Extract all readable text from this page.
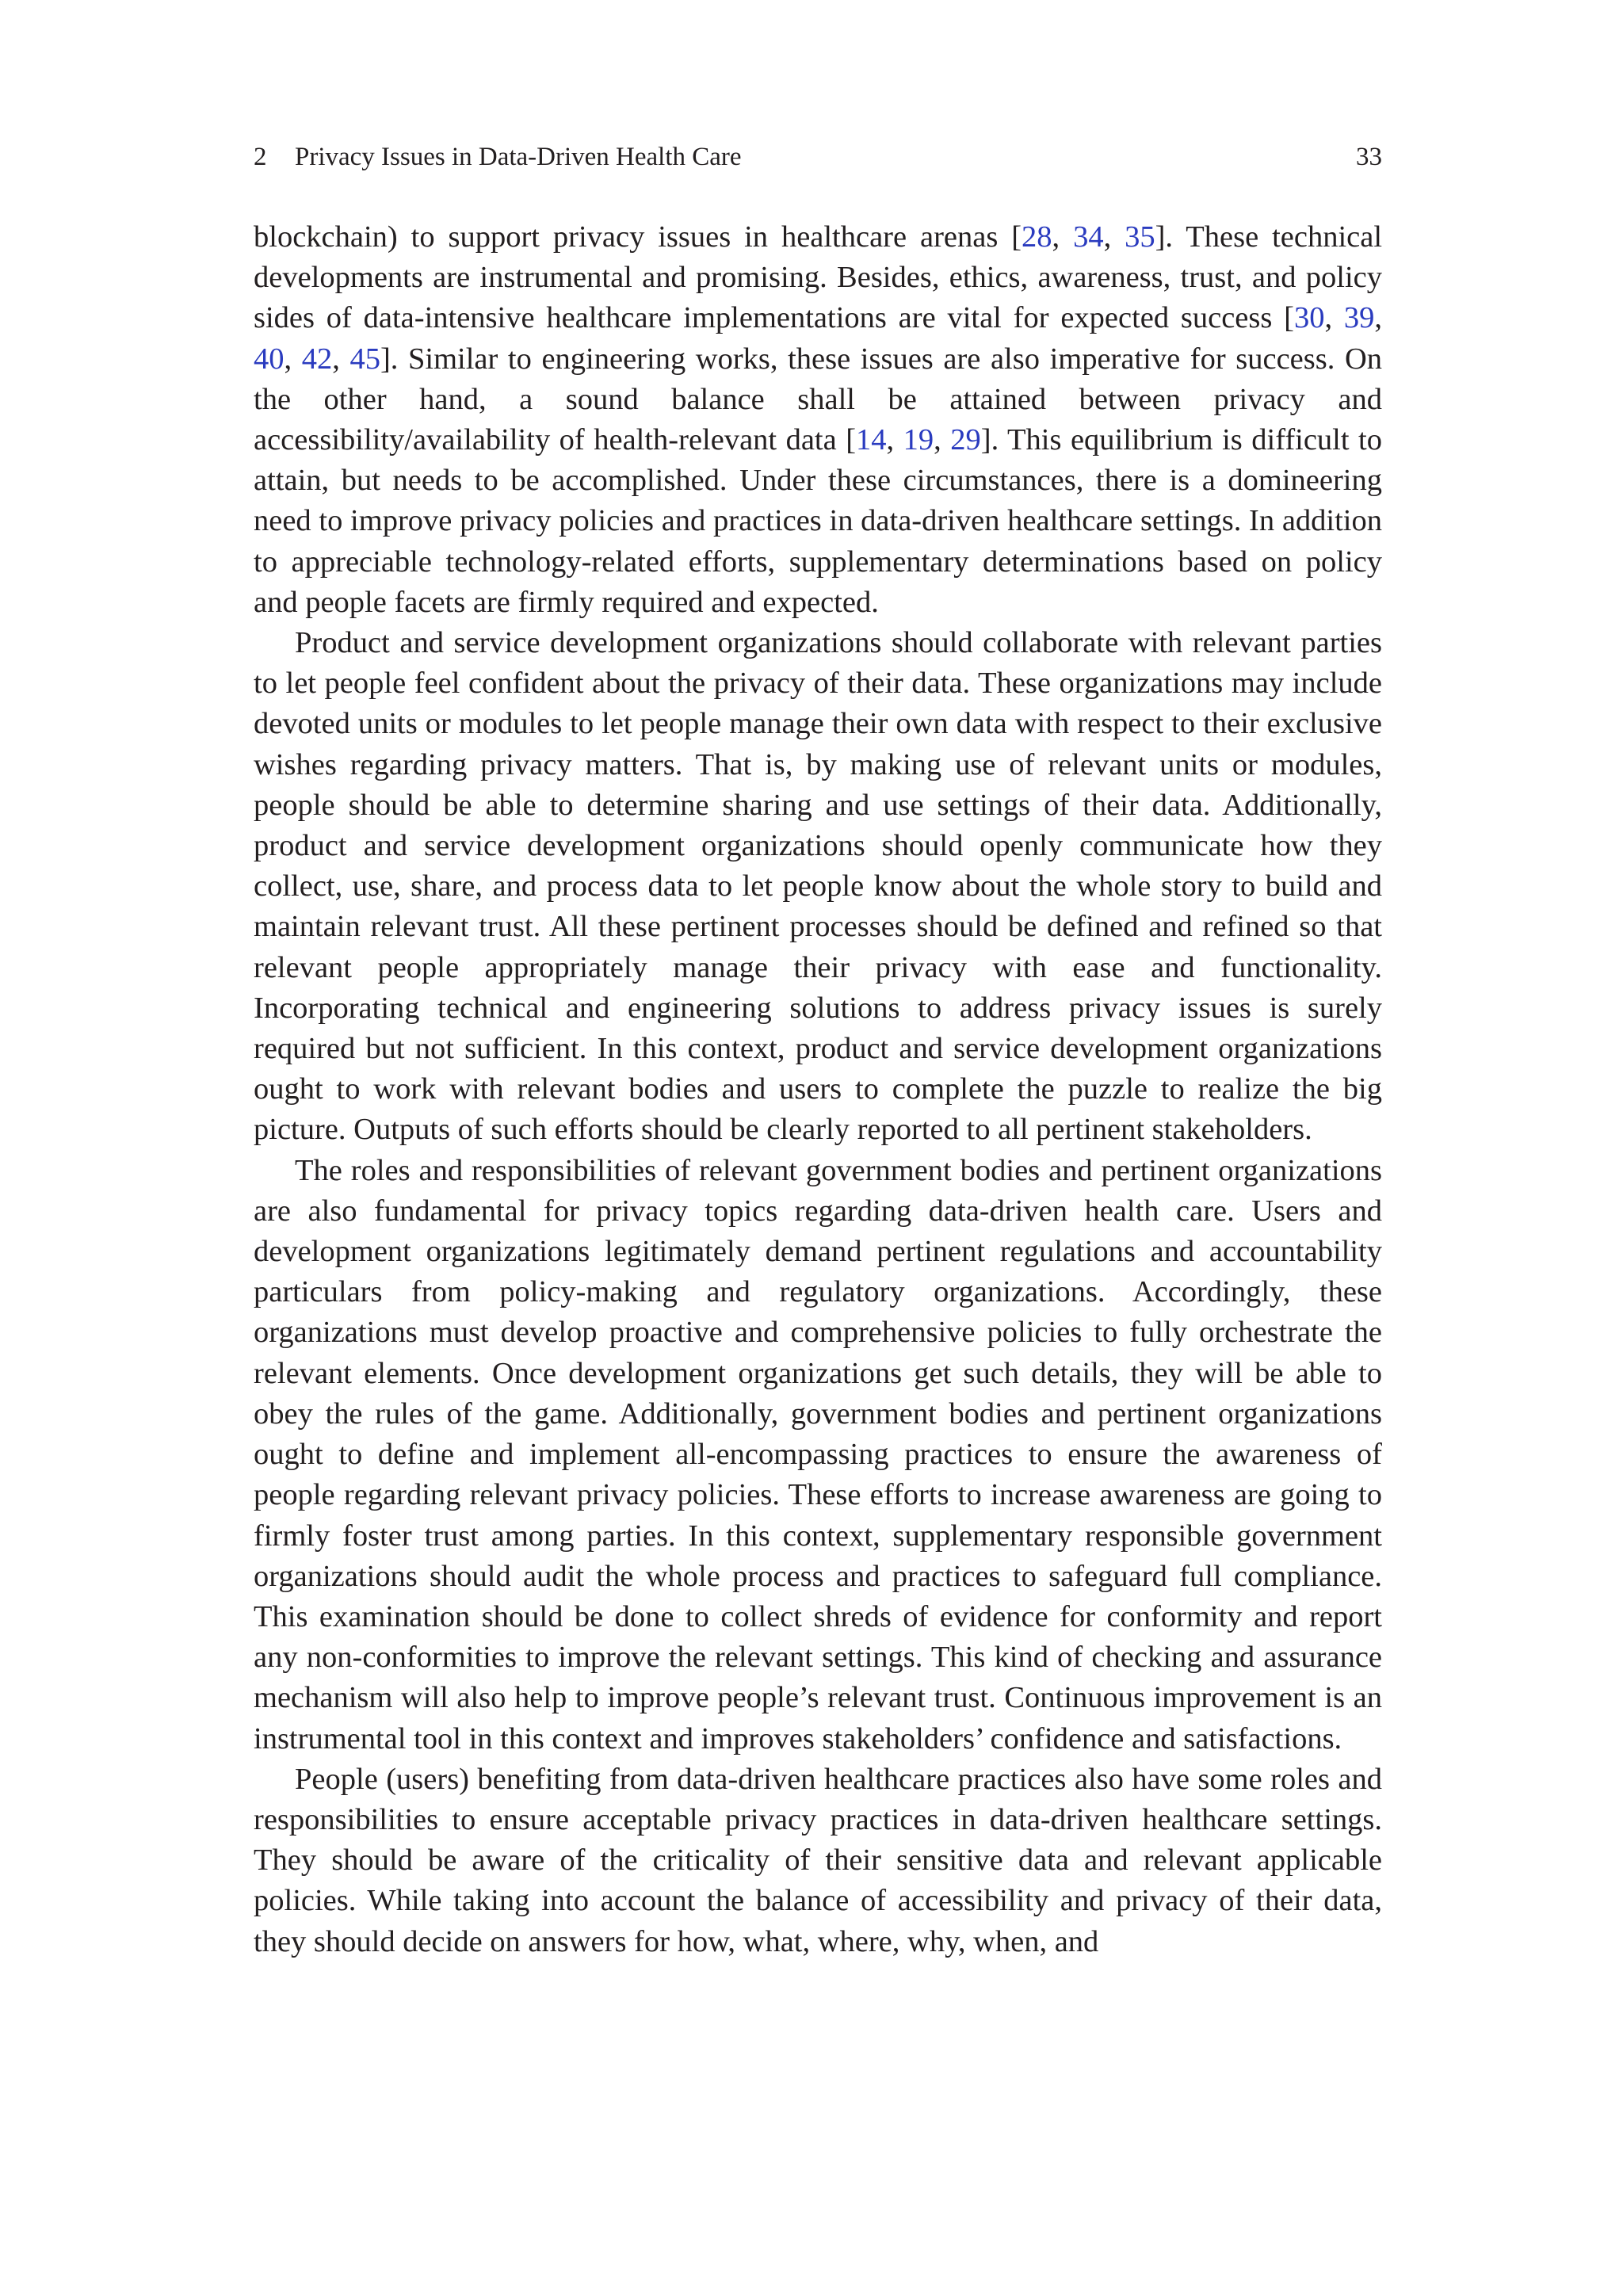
2 Privacy Issues in Data-Driven Health Care	33

blockchain) to support privacy issues in healthcare arenas [28, 34, 35]. These technical developments are instrumental and promising. Besides, ethics, awareness, trust, and policy sides of data-intensive healthcare implementations are vital for expected success [30, 39, 40, 42, 45]. Similar to engineering works, these issues are also imperative for success. On the other hand, a sound balance shall be attained between privacy and accessibility/availability of health-relevant data [14, 19, 29]. This equilibrium is difficult to attain, but needs to be accomplished. Under these circumstances, there is a domineering need to improve privacy policies and practices in data-driven healthcare settings. In addition to appreciable technology-related efforts, supplementary determinations based on policy and people facets are firmly required and expected.

Product and service development organizations should collaborate with relevant parties to let people feel confident about the privacy of their data. These organizations may include devoted units or modules to let people manage their own data with respect to their exclusive wishes regarding privacy matters. That is, by making use of relevant units or modules, people should be able to determine sharing and use settings of their data. Additionally, product and service development organizations should openly communicate how they collect, use, share, and process data to let people know about the whole story to build and maintain relevant trust. All these pertinent processes should be defined and refined so that relevant people appropriately manage their privacy with ease and functionality. Incorporating technical and engineering solutions to address privacy issues is surely required but not sufficient. In this context, product and service development organizations ought to work with relevant bodies and users to complete the puzzle to realize the big picture. Outputs of such efforts should be clearly reported to all pertinent stakeholders.

The roles and responsibilities of relevant government bodies and pertinent organizations are also fundamental for privacy topics regarding data-driven health care. Users and development organizations legitimately demand pertinent regulations and accountability particulars from policy-making and regulatory organizations. Accordingly, these organizations must develop proactive and comprehensive policies to fully orchestrate the relevant elements. Once development organizations get such details, they will be able to obey the rules of the game. Additionally, government bodies and pertinent organizations ought to define and implement all-encompassing practices to ensure the awareness of people regarding relevant privacy policies. These efforts to increase awareness are going to firmly foster trust among parties. In this context, supplementary responsible government organizations should audit the whole process and practices to safeguard full compliance. This examination should be done to collect shreds of evidence for conformity and report any non-conformities to improve the relevant settings. This kind of checking and assurance mechanism will also help to improve people’s relevant trust. Continuous improvement is an instrumental tool in this context and improves stakeholders’ confidence and satisfactions.

People (users) benefiting from data-driven healthcare practices also have some roles and responsibilities to ensure acceptable privacy practices in data-driven healthcare settings. They should be aware of the criticality of their sensitive data and relevant applicable policies. While taking into account the balance of accessibility and privacy of their data, they should decide on answers for how, what, where, why, when, and
